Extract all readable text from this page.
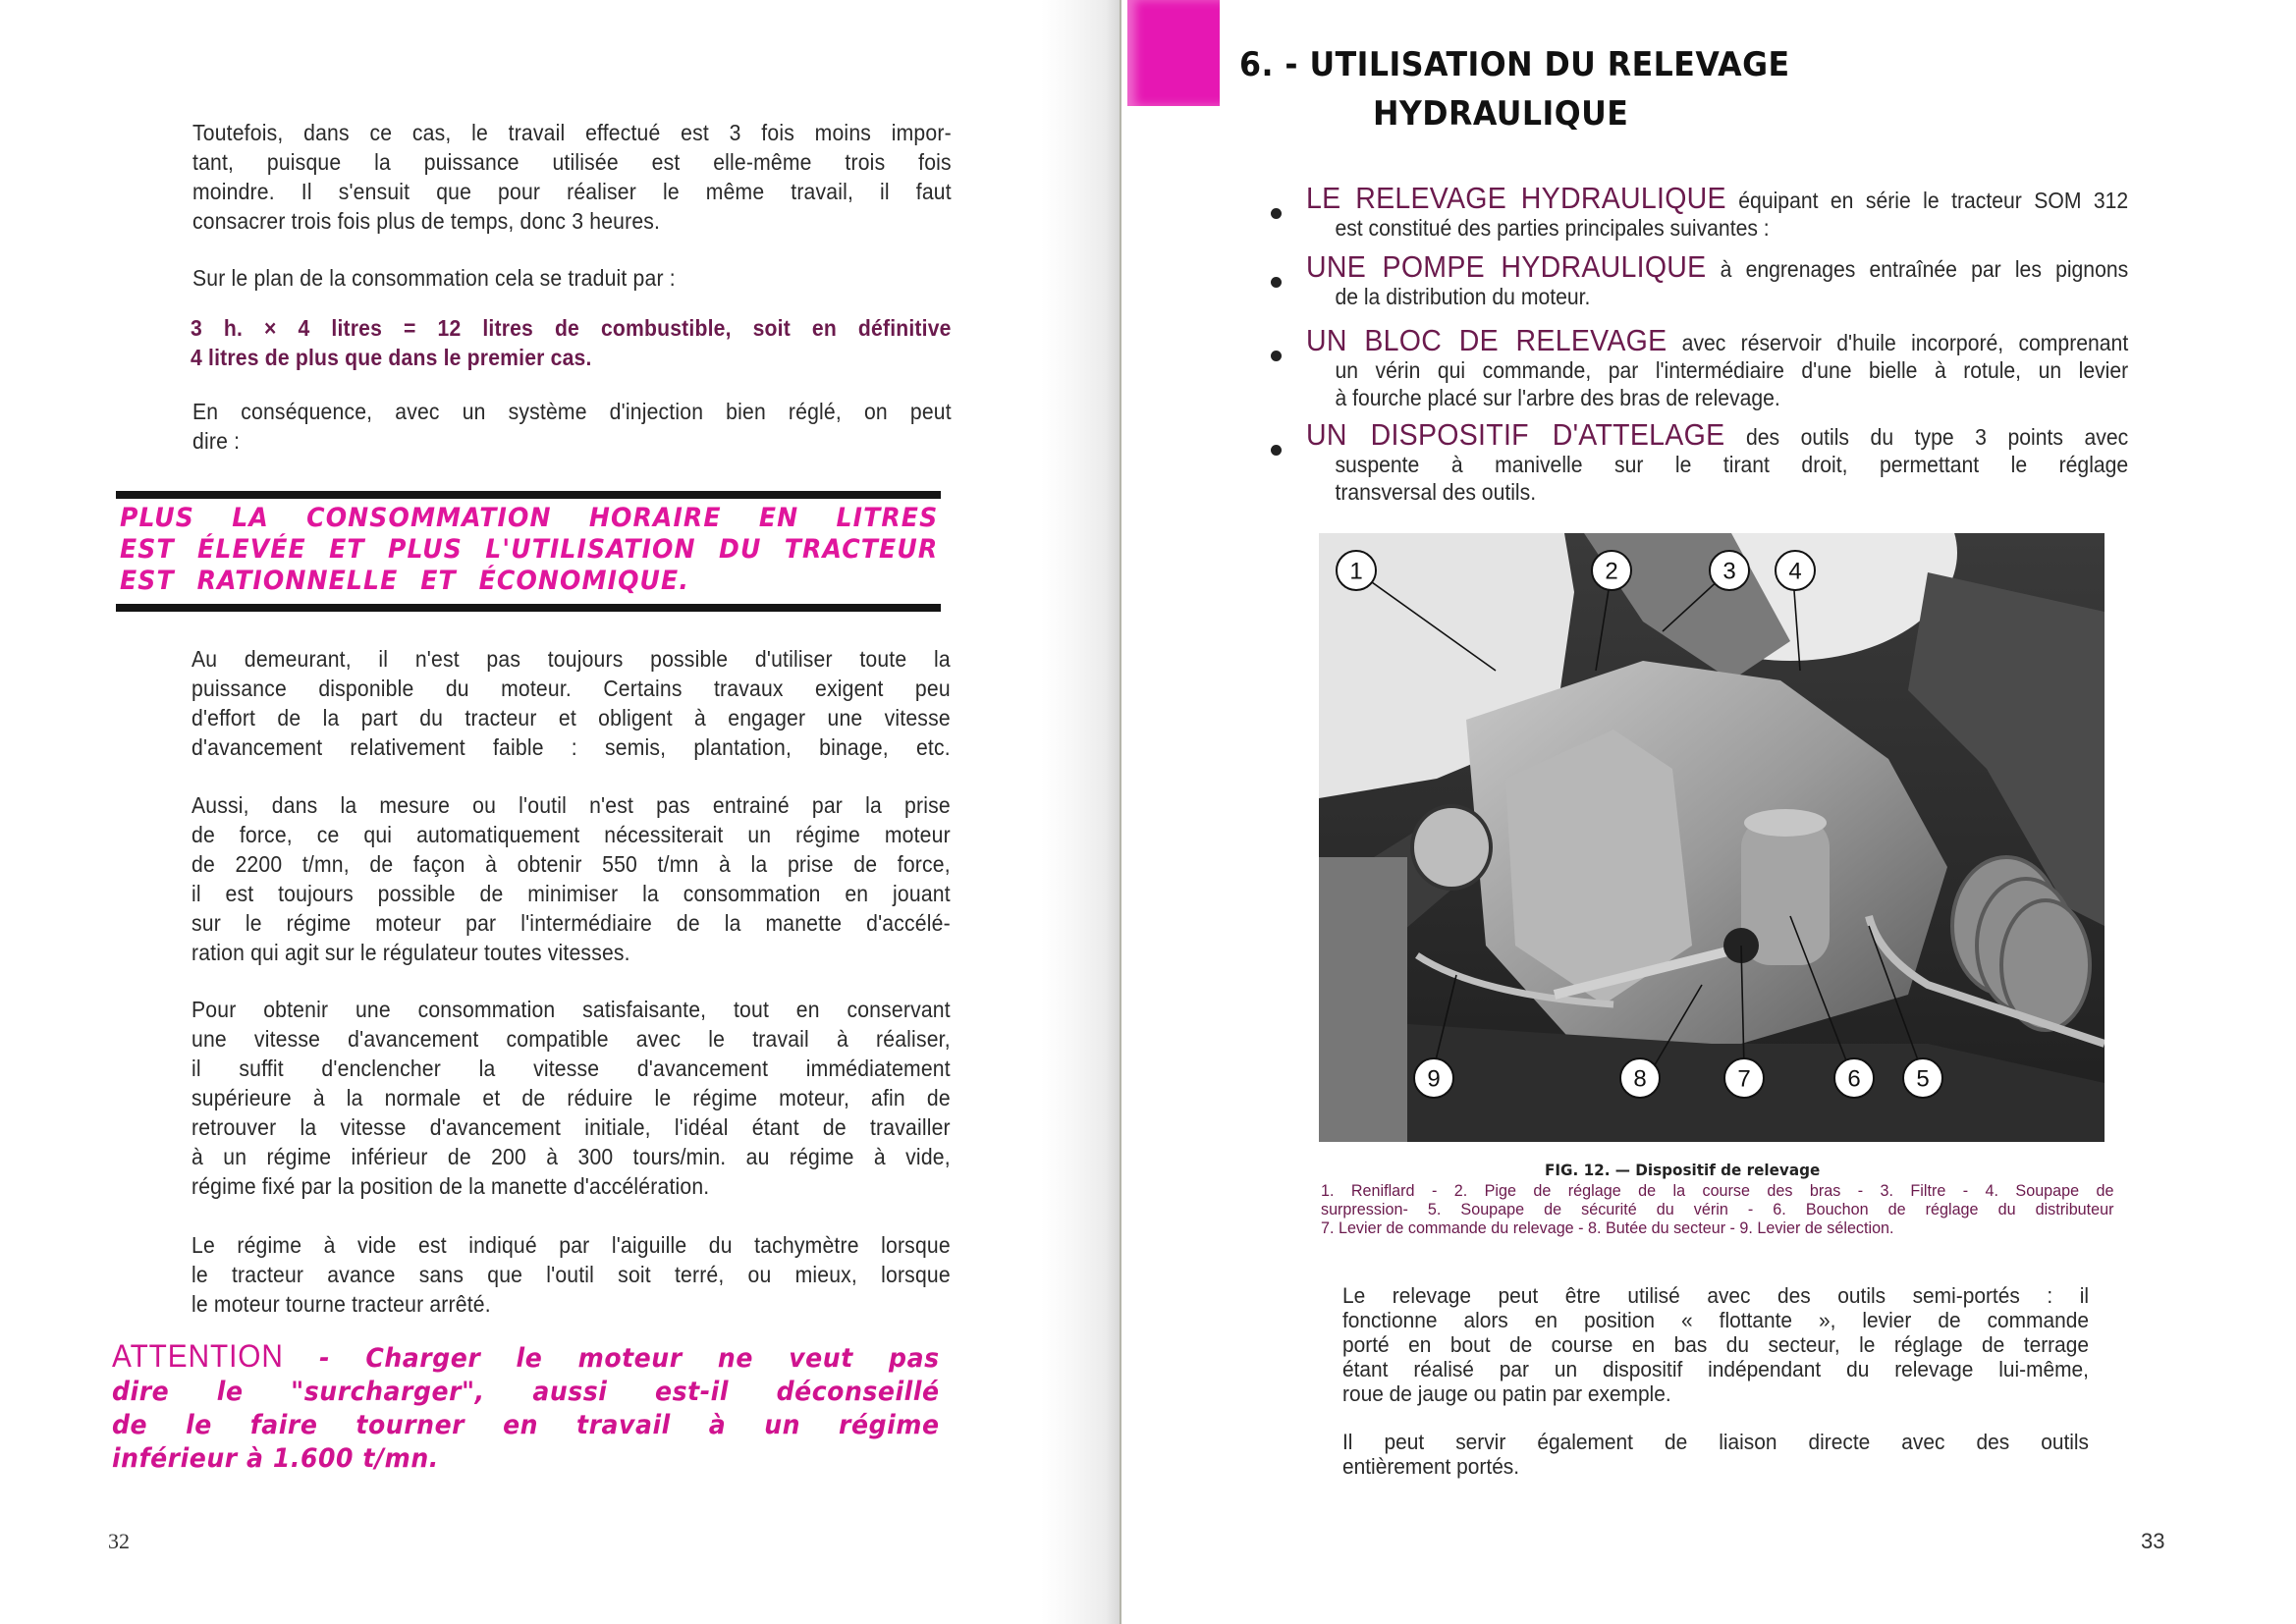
Toutefois, dans ce cas, le travail effectué est 3 fois moins impor-
tant, puisque la puissance utilisée est elle-même trois fois
moindre. Il s'ensuit que pour réaliser le même travail, il faut
consacrer trois fois plus de temps, donc 3 heures.
Sur le plan de la consommation cela se traduit par :
3 h. × 4 litres = 12 litres de combustible, soit en définitive
4 litres de plus que dans le premier cas.
En conséquence, avec un système d'injection bien réglé, on peut
dire :
PLUS LA CONSOMMATION HORAIRE EN LITRES
EST ÉLEVÉE ET PLUS L'UTILISATION DU TRACTEUR
EST RATIONNELLE ET ÉCONOMIQUE.
Au demeurant, il n'est pas toujours possible d'utiliser toute la
puissance disponible du moteur. Certains travaux exigent peu
d'effort de la part du tracteur et obligent à engager une vitesse
d'avancement relativement faible : semis, plantation, binage, etc.
Aussi, dans la mesure ou l'outil n'est pas entrainé par la prise
de force, ce qui automatiquement nécessiterait un régime moteur
de 2200 t/mn, de façon à obtenir 550 t/mn à la prise de force,
il est toujours possible de minimiser la consommation en jouant
sur le régime moteur par l'intermédiaire de la manette d'accélé-
ration qui agit sur le régulateur toutes vitesses.
Pour obtenir une consommation satisfaisante, tout en conservant
une vitesse d'avancement compatible avec le travail à réaliser,
il suffit d'enclencher la vitesse d'avancement immédiatement
supérieure à la normale et de réduire le régime moteur, afin de
retrouver la vitesse d'avancement initiale, l'idéal étant de travailler
à un régime inférieur de 200 à 300 tours/min. au régime à vide,
régime fixé par la position de la manette d'accélération.
Le régime à vide est indiqué par l'aiguille du tachymètre lorsque
le tracteur avance sans que l'outil soit terré, ou mieux, lorsque
le moteur tourne tracteur arrêté.
ATTENTION - Charger le moteur ne veut pas
dire le "surcharger", aussi est-il déconseillé
de le faire tourner en travail à un régime
inférieur à 1.600 t/mn.
32
6. - UTILISATION DU RELEVAGE
HYDRAULIQUE
LE RELEVAGE HYDRAULIQUE équipant en série le tracteur SOM 312
est constitué des parties principales suivantes :
UNE POMPE HYDRAULIQUE à engrenages entraînée par les pignons
de la distribution du moteur.
UN BLOC DE RELEVAGE avec réservoir d'huile incorporé, comprenant
un vérin qui commande, par l'intermédiaire d'une bielle à rotule, un levier
à fourche placé sur l'arbre des bras de relevage.
UN DISPOSITIF D'ATTELAGE des outils du type 3 points avec
suspente à manivelle sur le tirant droit, permettant le réglage
transversal des outils.
1	2	3 4
5
6
7
8
9
FIG. 12. — Dispositif de relevage
1. Reniflard - 2. Pige de réglage de la course des bras - 3. Filtre - 4. Soupape de
surpression- 5. Soupape de sécurité du vérin - 6. Bouchon de réglage du distributeur
7. Levier de commande du relevage - 8. Butée du secteur - 9. Levier de sélection.
Le relevage peut être utilisé avec des outils semi-portés : il
fonctionne alors en position « flottante », levier de commande
porté en bout de course en bas du secteur, le réglage de terrage
étant réalisé par un dispositif indépendant du relevage lui-même,
roue de jauge ou patin par exemple.
Il peut servir également de liaison directe avec des outils
entièrement portés.
33
